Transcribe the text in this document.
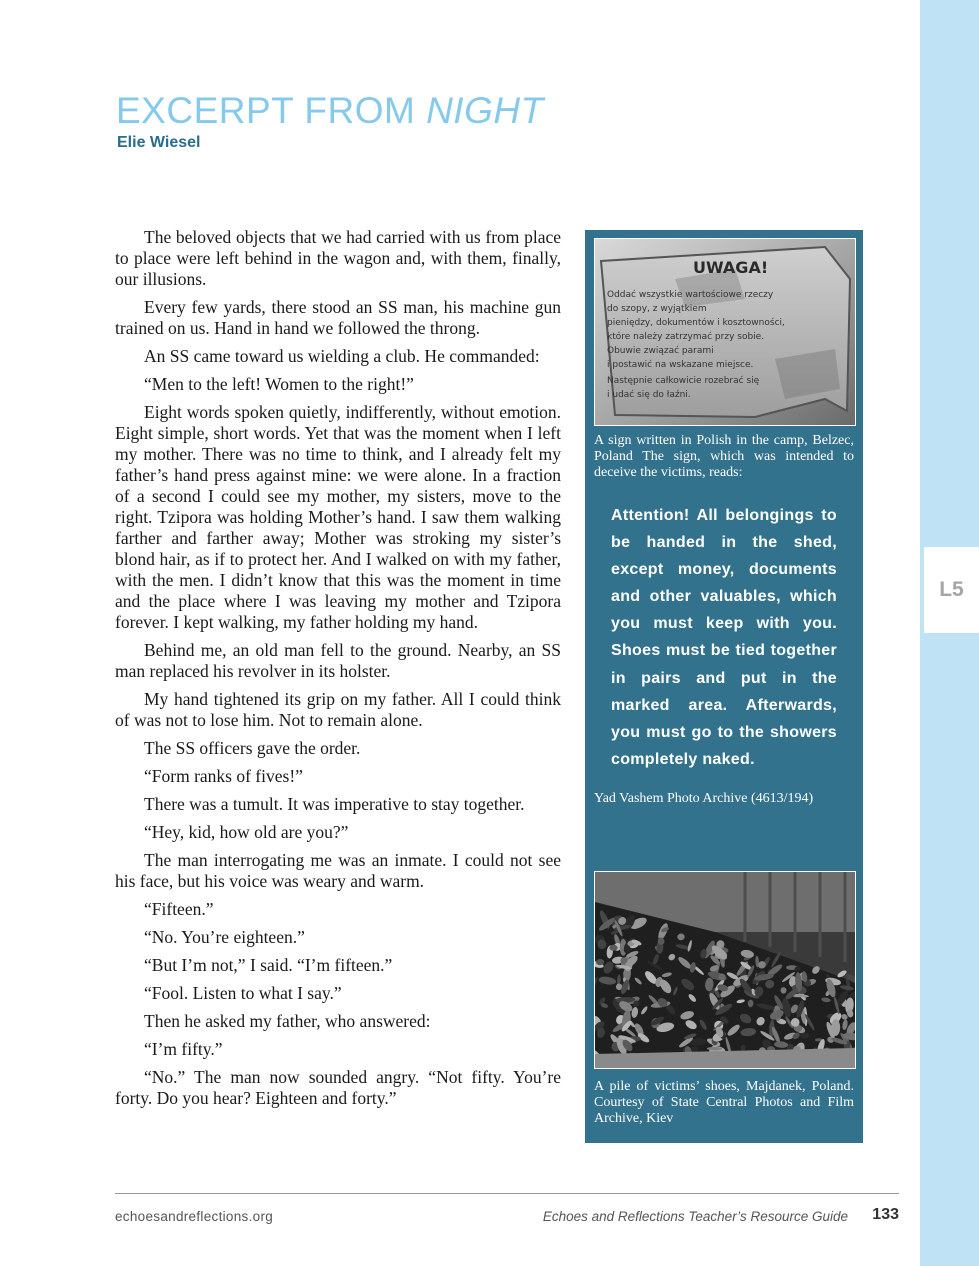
L5
EXCERPT FROM NIGHT
Elie Wiesel

The beloved objects that we had carried with us from place to place were left behind in the wagon and, with them, finally, our illusions.

Every few yards, there stood an SS man, his machine gun trained on us. Hand in hand we followed the throng.

An SS came toward us wielding a club. He commanded:

“Men to the left! Women to the right!”

Eight words spoken quietly, indifferently, without emotion. Eight simple, short words. Yet that was the moment when I left my mother. There was no time to think, and I already felt my father’s hand press against mine: we were alone. In a fraction of a second I could see my mother, my sisters, move to the right. Tzipora was holding Mother’s hand. I saw them walking farther and farther away; Mother was stroking my sister’s blond hair, as if to protect her. And I walked on with my father, with the men. I didn’t know that this was the moment in time and the place where I was leaving my mother and Tzipora forever. I kept walking, my father holding my hand.

Behind me, an old man fell to the ground. Nearby, an SS man replaced his revolver in its holster.

My hand tightened its grip on my father. All I could think of was not to lose him. Not to remain alone.

The SS officers gave the order.

“Form ranks of fives!”

There was a tumult. It was imperative to stay together.

“Hey, kid, how old are you?”

The man interrogating me was an inmate. I could not see his face, but his voice was weary and warm.

“Fifteen.”

“No. You’re eighteen.”

“But I’m not,” I said. “I’m fifteen.”

“Fool. Listen to what I say.”

Then he asked my father, who answered:

“I’m fifty.”

“No.” The man now sounded angry. “Not fifty. You’re forty. Do you hear? Eighteen and forty.”

UWAGA!
Oddać wszystkie wartościowe rzeczy
do szopy, z wyjątkiem
pieniędzy, dokumentów i kosztowności,
które należy zatrzymać przy sobie.
Obuwie związać parami
i postawić na wskazane miejsce.
Następnie całkowicie rozebrać się
i udać się do łaźni.
A sign written in Polish in the camp, Belzec, Poland The sign, which was intended to deceive the victims, reads:
Attention! All belongings to be handed in the shed, except money, documents and other valuables, which you must keep with you. Shoes must be tied together in pairs and put in the marked area. Afterwards, you must go to the showers completely naked.
Yad Vashem Photo Archive (4613/194)
A pile of victims’ shoes, Majdanek, Poland. Courtesy of State Central Photos and Film Archive, Kiev
echoesandreflections.org	Echoes and Reflections Teacher’s Resource Guide 133
